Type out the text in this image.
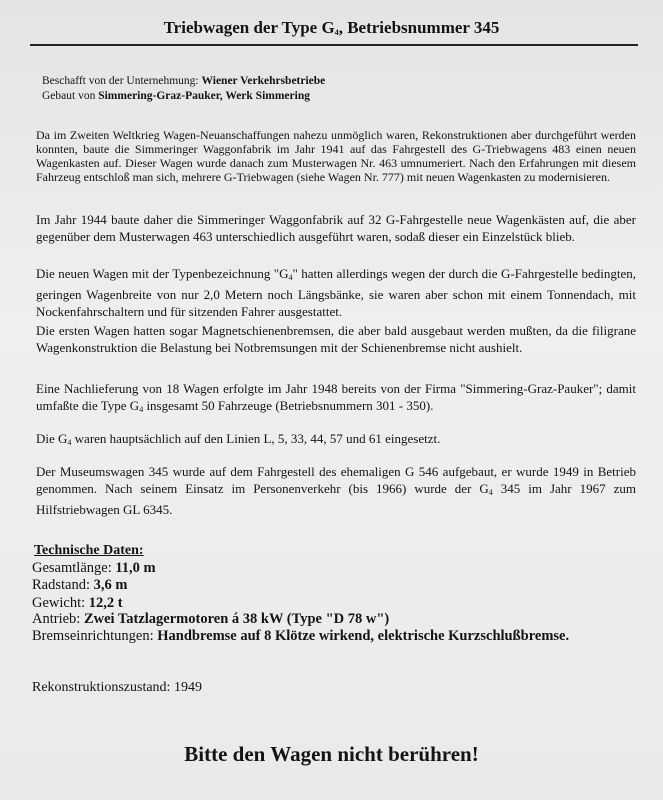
Triebwagen der Type $G_4$, Betriebsnummer 345
Beschafft von der Unternehmung: Wiener Verkehrsbetriebe
Gebaut von Simmering-Graz-Pauker, Werk Simmering
Da im Zweiten Weltkrieg Wagen-Neuanschaffungen nahezu unmöglich waren, Rekonstruktionen aber durchgeführt werden konnten, baute die Simmeringer Waggonfabrik im Jahr 1941 auf das Fahrgestell des G-Triebwagens 483 einen neuen Wagenkasten auf. Dieser Wagen wurde danach zum Musterwagen Nr. 463 umnumeriert. Nach den Erfahrungen mit diesem Fahrzeug entschloß man sich, mehrere G-Triebwagen (siehe Wagen Nr. 777) mit neuen Wagenkasten zu modernisieren.
Im Jahr 1944 baute daher die Simmeringer Waggonfabrik auf 32 G-Fahrgestelle neue Wagenkästen auf, die aber gegenüber dem Musterwagen 463 unterschiedlich ausgeführt waren, sodaß dieser ein Einzelstück blieb.
Die neuen Wagen mit der Typenbezeichnung "$G_4$" hatten allerdings wegen der durch die G-Fahrgestelle bedingten, geringen Wagenbreite von nur 2,0 Metern noch Längsbänke, sie waren aber schon mit einem Tonnendach, mit Nockenfahrschaltern und für sitzenden Fahrer ausgestattet.
Die ersten Wagen hatten sogar Magnetschienenbremsen, die aber bald ausgebaut werden mußten, da die filigrane Wagenkonstruktion die Belastung bei Notbremsungen mit der Schienenbremse nicht aushielt.
Eine Nachlieferung von 18 Wagen erfolgte im Jahr 1948 bereits von der Firma "Simmering-Graz-Pauker"; damit umfaßte die Type $G_4$ insgesamt 50 Fahrzeuge (Betriebsnummern 301 - 350).
Die $G_4$ waren hauptsächlich auf den Linien L, 5, 33, 44, 57 und 61 eingesetzt.
Der Museumswagen 345 wurde auf dem Fahrgestell des ehemaligen G 546 aufgebaut, er wurde 1949 in Betrieb genommen. Nach seinem Einsatz im Personenverkehr (bis 1966) wurde der $G_4$ 345 im Jahr 1967 zum Hilfstriebwagen GL 6345.
Technische Daten:
Gesamtlänge: 11,0 m
Radstand: 3,6 m
Gewicht: 12,2 t
Antrieb: Zwei Tatzlagermotoren á 38 kW (Type "D 78 w")
Bremseinrichtungen: Handbremse auf 8 Klötze wirkend, elektrische Kurzschlußbremse.
Rekonstruktionszustand: 1949
Bitte den Wagen nicht berühren!
